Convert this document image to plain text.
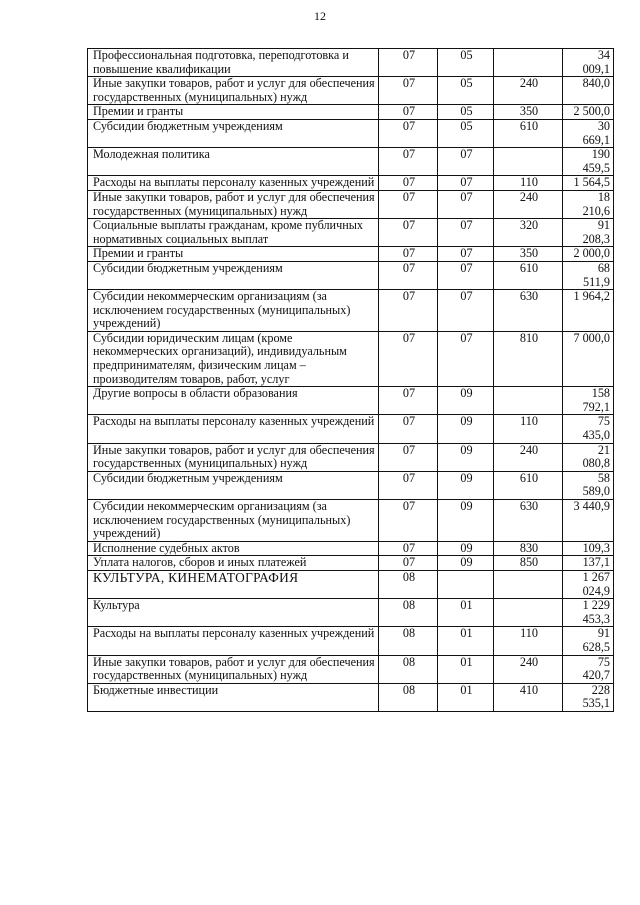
12
Профессиональная подготовка, переподготовка и повышение квалификации	07	05		34 009,1
Иные закупки товаров, работ и услуг для обеспечения государственных (муниципальных) нужд	07	05	240	840,0
Премии и гранты	07	05	350	2 500,0
Субсидии бюджетным учреждениям	07	05	610	30 669,1
Молодежная политика	07	07		190 459,5
Расходы на выплаты персоналу казенных учреждений	07	07	110	1 564,5
Иные закупки товаров, работ и услуг для обеспечения государственных (муниципальных) нужд	07	07	240	18 210,6
Социальные выплаты гражданам, кроме публичных нормативных социальных выплат	07	07	320	91 208,3
Премии и гранты	07	07	350	2 000,0
Субсидии бюджетным учреждениям	07	07	610	68 511,9
Субсидии некоммерческим организациям (за исключением государственных (муниципальных) учреждений)	07	07	630	1 964,2
Субсидии юридическим лицам (кроме некоммерческих организаций), индивидуальным предпринимателям, физическим лицам – производителям товаров, работ, услуг	07	07	810	7 000,0
Другие вопросы в области образования	07	09		158 792,1
Расходы на выплаты персоналу казенных учреждений	07	09	110	75 435,0
Иные закупки товаров, работ и услуг для обеспечения государственных (муниципальных) нужд	07	09	240	21 080,8
Субсидии бюджетным учреждениям	07	09	610	58 589,0
Субсидии некоммерческим организациям (за исключением государственных (муниципальных) учреждений)	07	09	630	3 440,9
Исполнение судебных актов	07	09	830	109,3
Уплата налогов, сборов и иных платежей	07	09	850	137,1
КУЛЬТУРА, КИНЕМАТОГРАФИЯ	08			1 267 024,9
Культура	08	01		1 229 453,3
Расходы на выплаты персоналу казенных учреждений	08	01	110	91 628,5
Иные закупки товаров, работ и услуг для обеспечения государственных (муниципальных) нужд	08	01	240	75 420,7
Бюджетные инвестиции	08	01	410	228 535,1
